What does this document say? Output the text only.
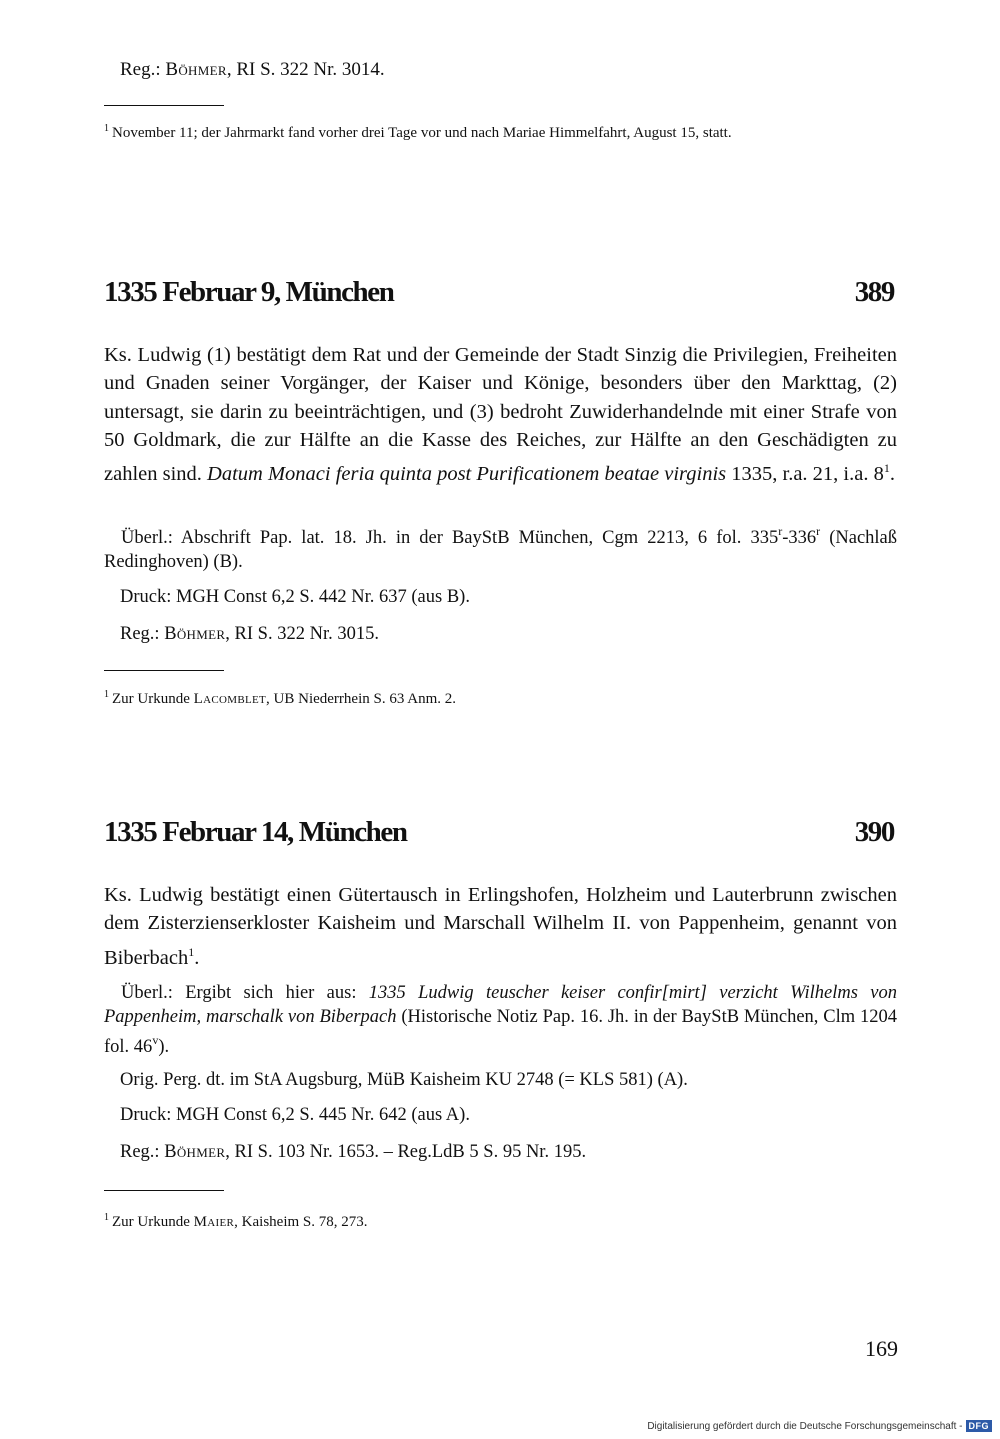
Reg.: Böhmer, RI S. 322 Nr. 3014.
$^1$ November 11; der Jahrmarkt fand vorher drei Tage vor und nach Mariae Himmelfahrt, August 15, statt.
1335 Februar 9, München	389
Ks. Ludwig (1) bestätigt dem Rat und der Gemeinde der Stadt Sinzig die Privilegien, Freiheiten und Gnaden seiner Vorgänger, der Kaiser und Könige, besonders über den Markttag, (2) untersagt, sie darin zu beeinträchtigen, und (3) bedroht Zuwiderhandelnde mit einer Strafe von 50 Goldmark, die zur Hälfte an die Kasse des Reiches, zur Hälfte an den Geschädigten zu zahlen sind. Datum Monaci feria quinta post Purificationem beatae virginis 1335, r.a. 21, i.a. $8^1$.
Überl.: Abschrift Pap. lat. 18. Jh. in der BayStB München, Cgm 2213, 6 fol. 335$^r$-336$^r$ (Nachlaß Redinghoven) (B).
Druck: MGH Const 6,2 S. 442 Nr. 637 (aus B).
Reg.: Böhmer, RI S. 322 Nr. 3015.
$^1$ Zur Urkunde Lacomblet, UB Niederrhein S. 63 Anm. 2.
1335 Februar 14, München	390
Ks. Ludwig bestätigt einen Gütertausch in Erlingshofen, Holzheim und Lauterbrunn zwischen dem Zisterzienserkloster Kaisheim und Marschall Wilhelm II. von Pappenheim, genannt von Biberbach$^1$.
Überl.: Ergibt sich hier aus: 1335 Ludwig teuscher keiser confir[mirt] verzicht Wilhelms von Pappenheim, marschalk von Biberpach (Historische Notiz Pap. 16. Jh. in der BayStB München, Clm 1204 fol. 46$^v$).
Orig. Perg. dt. im StA Augsburg, MüB Kaisheim KU 2748 (= KLS 581) (A).
Druck: MGH Const 6,2 S. 445 Nr. 642 (aus A).
Reg.: Böhmer, RI S. 103 Nr. 1653. – Reg.LdB 5 S. 95 Nr. 195.
$^1$ Zur Urkunde Maier, Kaisheim S. 78, 273.
169
Digitalisierung gefördert durch die Deutsche Forschungsgemeinschaft - DFG
